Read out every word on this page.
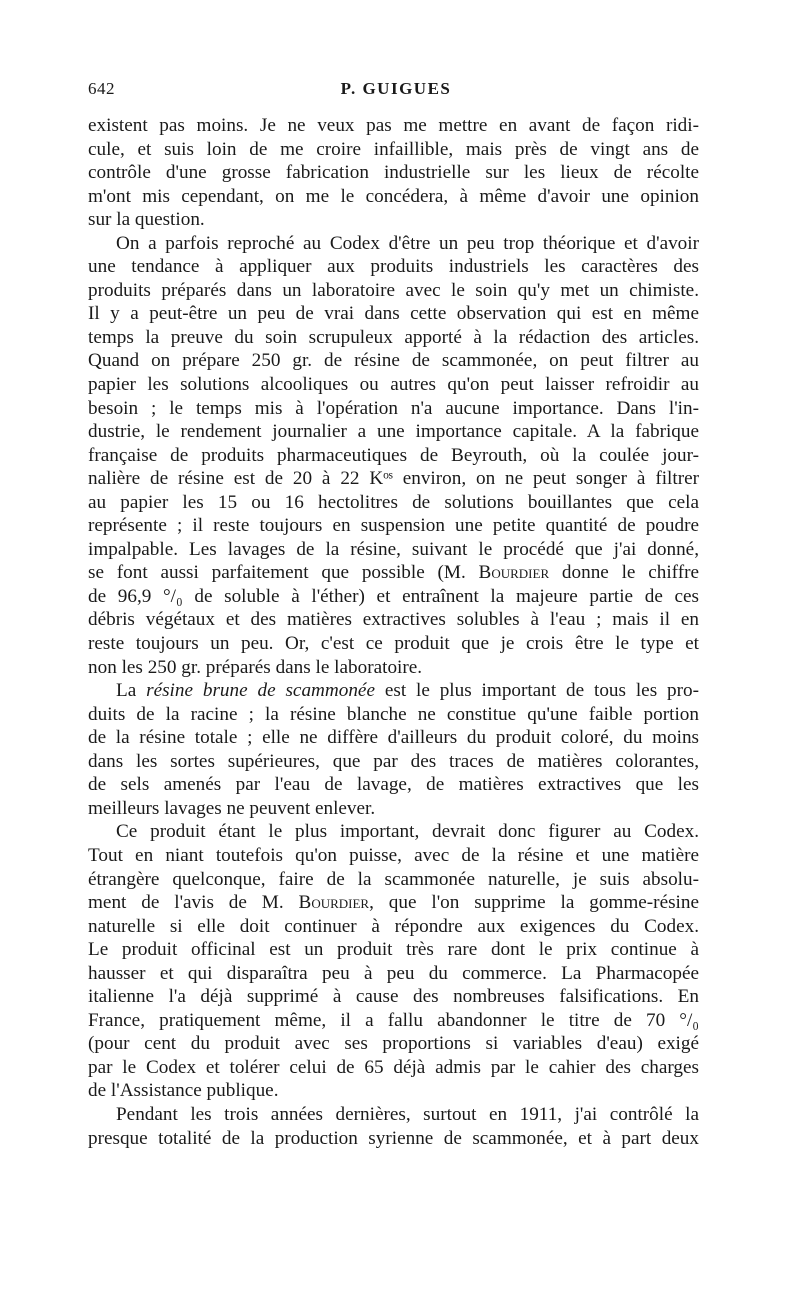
642	P. GUIGUES
existent pas moins. Je ne veux pas me mettre en avant de façon ridi-
cule, et suis loin de me croire infaillible, mais près de vingt ans de
contrôle d'une grosse fabrication industrielle sur les lieux de récolte
m'ont mis cependant, on me le concédera, à même d'avoir une opinion
sur la question.
On a parfois reproché au Codex d'être un peu trop théorique et d'avoir
une tendance à appliquer aux produits industriels les caractères des
produits préparés dans un laboratoire avec le soin qu'y met un chimiste.
Il y a peut-être un peu de vrai dans cette observation qui est en même
temps la preuve du soin scrupuleux apporté à la rédaction des articles.
Quand on prépare 250 gr. de résine de scammonée, on peut filtrer au
papier les solutions alcooliques ou autres qu'on peut laisser refroidir au
besoin ; le temps mis à l'opération n'a aucune importance. Dans l'in-
dustrie, le rendement journalier a une importance capitale. A la fabrique
française de produits pharmaceutiques de Beyrouth, où la coulée jour-
nalière de résine est de 20 à 22 Kᵒˢ environ, on ne peut songer à filtrer
au papier les 15 ou 16 hectolitres de solutions bouillantes que cela
représente ; il reste toujours en suspension une petite quantité de poudre
impalpable. Les lavages de la résine, suivant le procédé que j'ai donné,
se font aussi parfaitement que possible (M. Bourdier donne le chiffre
de 96,9 °/₀ de soluble à l'éther) et entraînent la majeure partie de ces
débris végétaux et des matières extractives solubles à l'eau ; mais il en
reste toujours un peu. Or, c'est ce produit que je crois être le type et
non les 250 gr. préparés dans le laboratoire.
La résine brune de scammonée est le plus important de tous les pro-
duits de la racine ; la résine blanche ne constitue qu'une faible portion
de la résine totale ; elle ne diffère d'ailleurs du produit coloré, du moins
dans les sortes supérieures, que par des traces de matières colorantes,
de sels amenés par l'eau de lavage, de matières extractives que les
meilleurs lavages ne peuvent enlever.
Ce produit étant le plus important, devrait donc figurer au Codex.
Tout en niant toutefois qu'on puisse, avec de la résine et une matière
étrangère quelconque, faire de la scammonée naturelle, je suis absolu-
ment de l'avis de M. Bourdier, que l'on supprime la gomme-résine
naturelle si elle doit continuer à répondre aux exigences du Codex.
Le produit officinal est un produit très rare dont le prix continue à
hausser et qui disparaîtra peu à peu du commerce. La Pharmacopée
italienne l'a déjà supprimé à cause des nombreuses falsifications. En
France, pratiquement même, il a fallu abandonner le titre de 70 °/₀
(pour cent du produit avec ses proportions si variables d'eau) exigé
par le Codex et tolérer celui de 65 déjà admis par le cahier des charges
de l'Assistance publique.
Pendant les trois années dernières, surtout en 1911, j'ai contrôlé la
presque totalité de la production syrienne de scammonée, et à part deux
